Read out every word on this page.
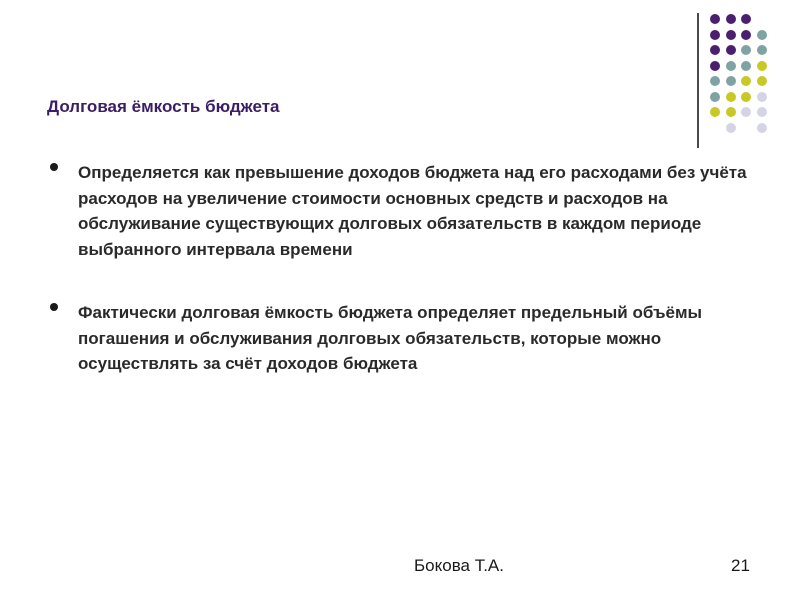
Долговая ёмкость бюджета

Определяется как превышение доходов бюджета над его расходами без учёта расходов на увеличение стоимости основных средств и расходов на обслуживание существующих долговых обязательств в каждом периоде выбранного интервала времени

Фактически долговая ёмкость бюджета определяет предельный объёмы погашения и обслуживания долговых обязательств, которые можно осуществлять за счёт доходов бюджета

Бокова Т.А.	21
